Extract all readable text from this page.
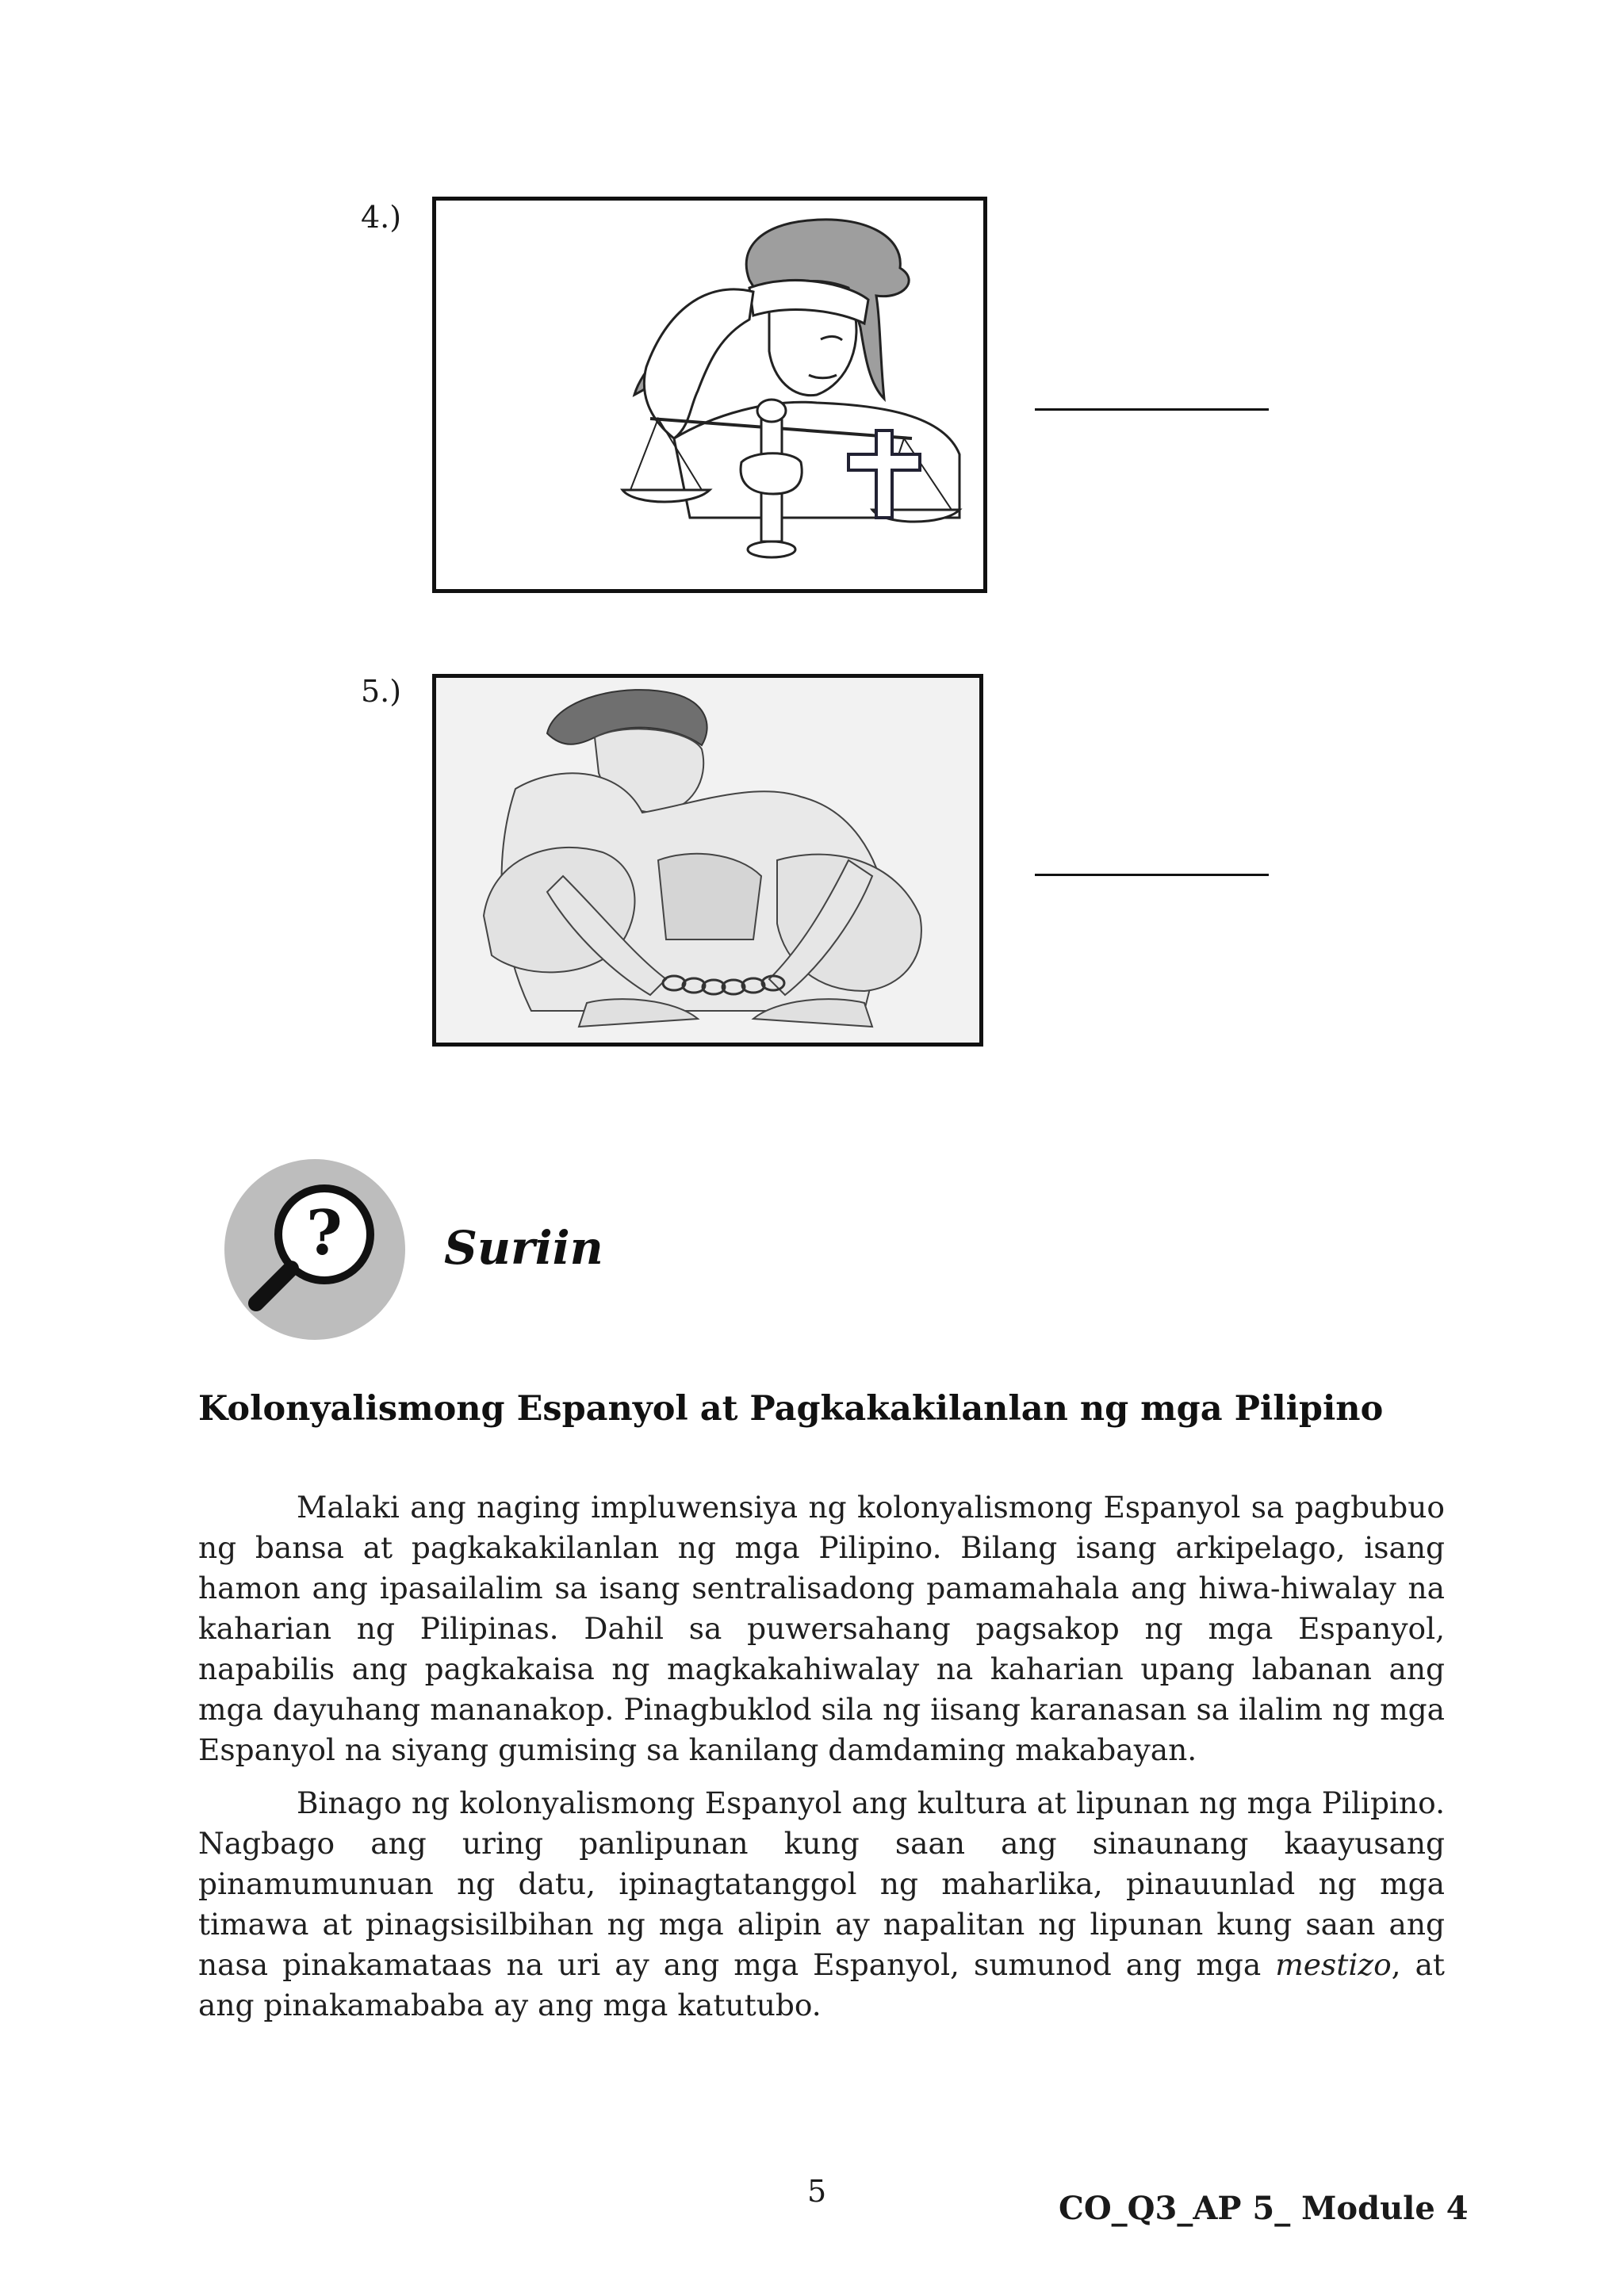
4.)
5.)
? Suriin
Kolonyalismong Espanyol at Pagkakakilanlan ng mga Pilipino

Malaki ang naging impluwensiya ng kolonyalismong Espanyol sa pagbubuo ng bansa at pagkakakilanlan ng mga Pilipino. Bilang isang arkipelago, isang hamon ang ipasailalim sa isang sentralisadong pamamahala ang hiwa-hiwalay na kaharian ng Pilipinas. Dahil sa puwersahang pagsakop ng mga Espanyol, napabilis ang pagkakaisa ng magkakahiwalay na kaharian upang labanan ang mga dayuhang mananakop. Pinagbuklod sila ng iisang karanasan sa ilalim ng mga Espanyol na siyang gumising sa kanilang damdaming makabayan.

Binago ng kolonyalismong Espanyol ang kultura at lipunan ng mga Pilipino. Nagbago ang uring panlipunan kung saan ang sinaunang kaayusang pinamumunuan ng datu, ipinagtatanggol ng maharlika, pinauunlad ng mga timawa at pinagsisilbihan ng mga alipin ay napalitan ng lipunan kung saan ang nasa pinakamataas na uri ay ang mga Espanyol, sumunod ang mga mestizo, at ang pinakamababa ay ang mga katutubo.

5	CO_Q3_AP 5_ Module 4
